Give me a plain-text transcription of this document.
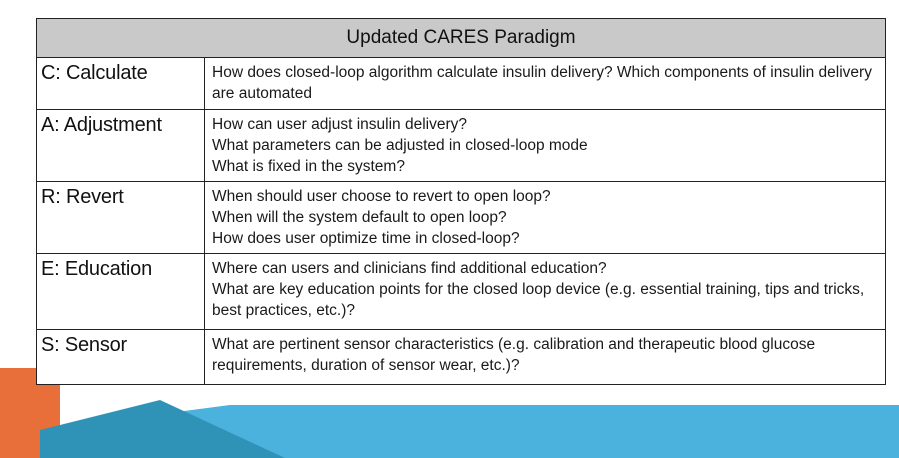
Updated CARES Paradigm	
C: Calculate	How does closed-loop algorithm calculate insulin delivery? Which components of insulin delivery are automated

A: Adjustment	How can user adjust insulin delivery?
What parameters can be adjusted in closed-loop mode
What is fixed in the system?

R: Revert	When should user choose to revert to open loop?
When will the system default to open loop?
How does user optimize time in closed-loop?

E: Education	Where can users and clinicians find additional education?
What are key education points for the closed loop device (e.g. essential training, tips and tricks, best practices, etc.)?

S: Sensor	What are pertinent sensor characteristics (e.g. calibration and therapeutic blood glucose requirements, duration of sensor wear, etc.)?
